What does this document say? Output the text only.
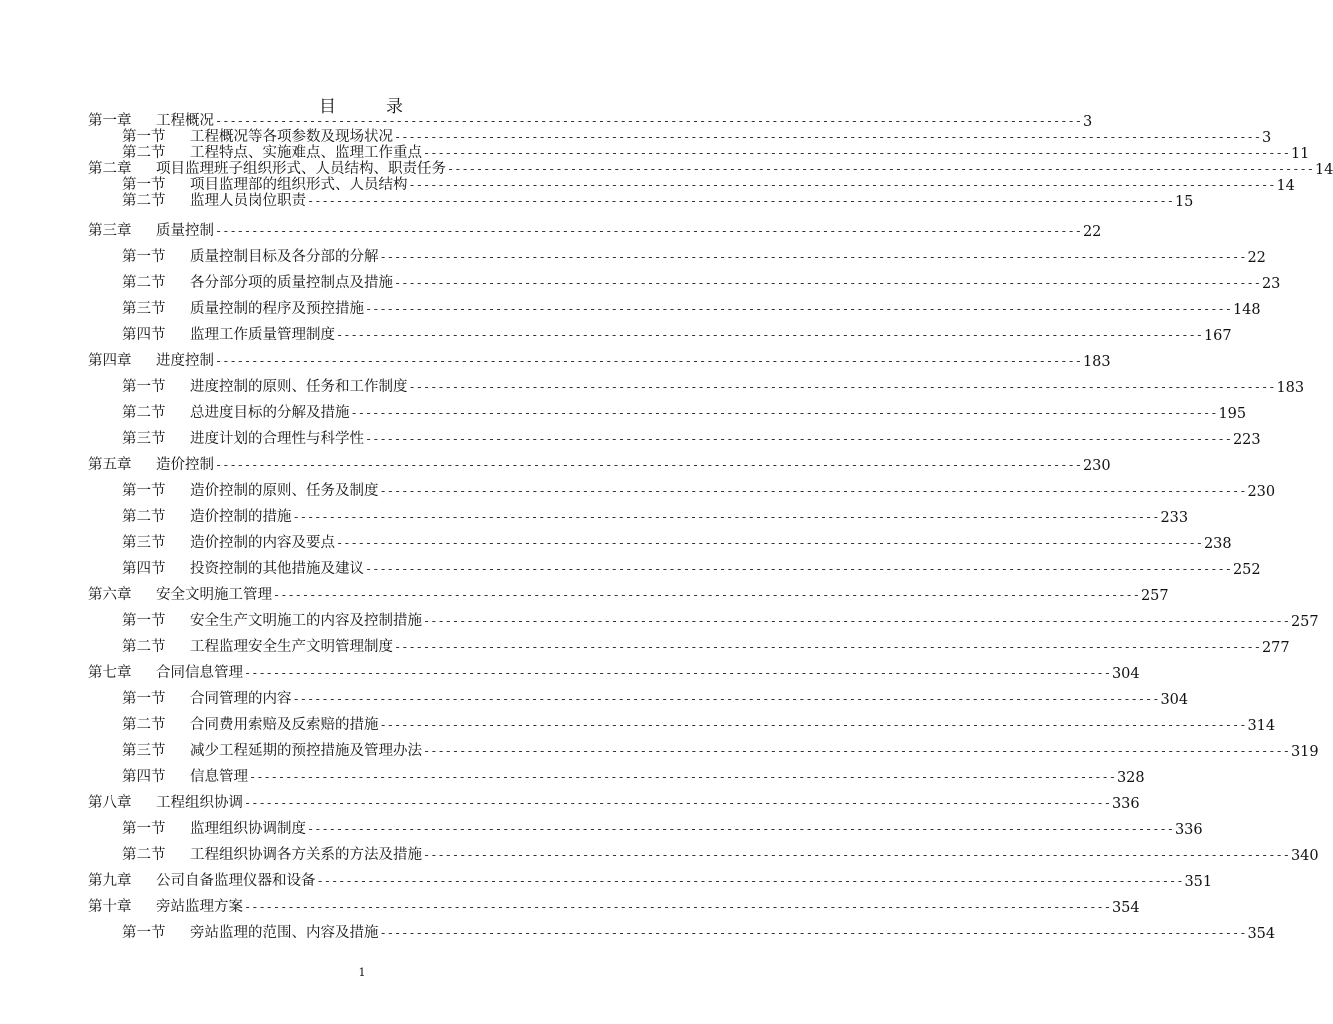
目	录
第一章	工程概况 ------------------------------------------------------------------------------------------------------------------------ 3
第一节	工程概况等各项参数及现场状况 ------------------------------------------------------------------------------------------------------------------------ 3
第二节	工程特点、实施难点、监理工作重点 ------------------------------------------------------------------------------------------------------------------------ 11
第二章	项目监理班子组织形式、人员结构、职责任务 ------------------------------------------------------------------------------------------------------------------------ 14
第一节	项目监理部的组织形式、人员结构 ------------------------------------------------------------------------------------------------------------------------ 14
第二节	监理人员岗位职责 ------------------------------------------------------------------------------------------------------------------------ 15
第三章	质量控制 ------------------------------------------------------------------------------------------------------------------------ 22
第一节	质量控制目标及各分部的分解 ------------------------------------------------------------------------------------------------------------------------ 22
第二节	各分部分项的质量控制点及措施 ------------------------------------------------------------------------------------------------------------------------ 23
第三节	质量控制的程序及预控措施 ------------------------------------------------------------------------------------------------------------------------ 148
第四节	监理工作质量管理制度 ------------------------------------------------------------------------------------------------------------------------ 167
第四章	进度控制 ------------------------------------------------------------------------------------------------------------------------ 183
第一节	进度控制的原则、任务和工作制度 ------------------------------------------------------------------------------------------------------------------------ 183
第二节	总进度目标的分解及措施 ------------------------------------------------------------------------------------------------------------------------ 195
第三节	进度计划的合理性与科学性 ------------------------------------------------------------------------------------------------------------------------ 223
第五章	造价控制 ------------------------------------------------------------------------------------------------------------------------ 230
第一节	造价控制的原则、任务及制度 ------------------------------------------------------------------------------------------------------------------------ 230
第二节	造价控制的措施 ------------------------------------------------------------------------------------------------------------------------ 233
第三节	造价控制的内容及要点 ------------------------------------------------------------------------------------------------------------------------ 238
第四节	投资控制的其他措施及建议 ------------------------------------------------------------------------------------------------------------------------ 252
第六章	安全文明施工管理 ------------------------------------------------------------------------------------------------------------------------ 257
第一节	安全生产文明施工的内容及控制措施 ------------------------------------------------------------------------------------------------------------------------ 257
第二节	工程监理安全生产文明管理制度 ------------------------------------------------------------------------------------------------------------------------ 277
第七章	合同信息管理 ------------------------------------------------------------------------------------------------------------------------ 304
第一节	合同管理的内容 ------------------------------------------------------------------------------------------------------------------------ 304
第二节	合同费用索赔及反索赔的措施 ------------------------------------------------------------------------------------------------------------------------ 314
第三节	减少工程延期的预控措施及管理办法 ------------------------------------------------------------------------------------------------------------------------ 319
第四节	信息管理 ------------------------------------------------------------------------------------------------------------------------ 328
第八章	工程组织协调 ------------------------------------------------------------------------------------------------------------------------ 336
第一节	监理组织协调制度 ------------------------------------------------------------------------------------------------------------------------ 336
第二节	工程组织协调各方关系的方法及措施 ------------------------------------------------------------------------------------------------------------------------ 340
第九章	公司自备监理仪器和设备 ------------------------------------------------------------------------------------------------------------------------ 351
第十章	旁站监理方案 ------------------------------------------------------------------------------------------------------------------------ 354
第一节	旁站监理的范围、内容及措施 ------------------------------------------------------------------------------------------------------------------------ 354
1
